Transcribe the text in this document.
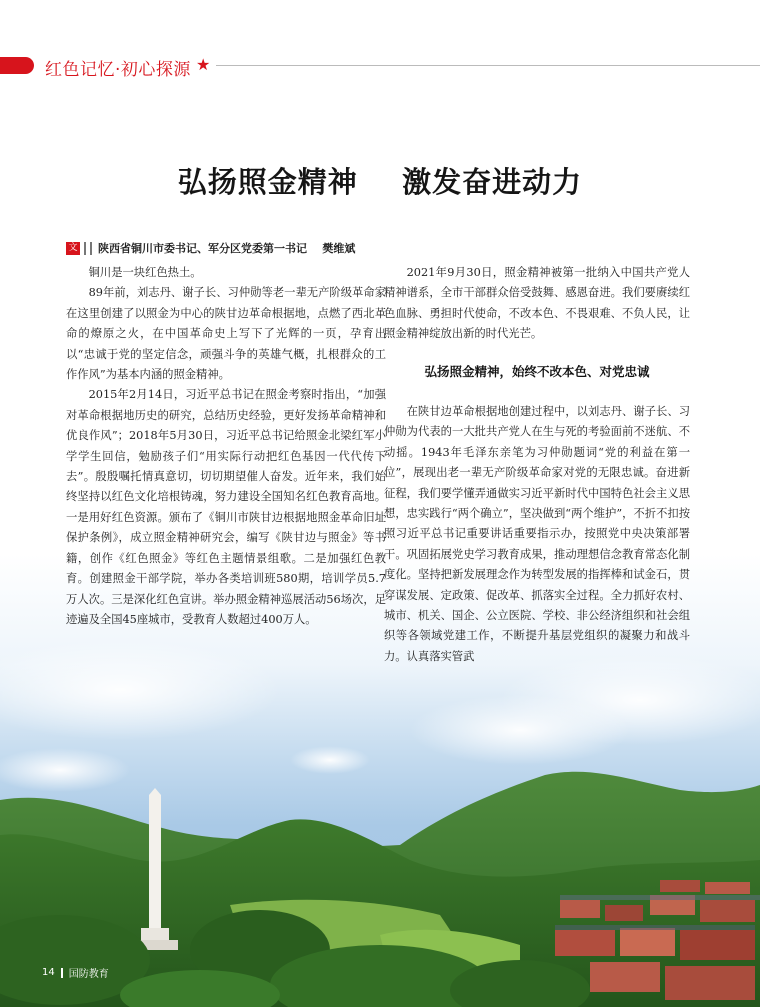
红色记忆·初心探源 ★
弘扬照金精神    激发奋进动力
文 陕西省铜川市委书记、军分区党委第一书记    樊维斌

铜川是一块红色热土。

89年前，刘志丹、谢子长、习仲勋等老一辈无产阶级革命家在这里创建了以照金为中心的陕甘边革命根据地，点燃了西北革命的燎原之火，在中国革命史上写下了光辉的一页，孕育出以“忠诚于党的坚定信念，顽强斗争的英雄气概，扎根群众的工作作风”为基本内涵的照金精神。

2015年2月14日，习近平总书记在照金考察时指出，“加强对革命根据地历史的研究，总结历史经验，更好发扬革命精神和优良作风”；2018年5月30日，习近平总书记给照金北梁红军小学学生回信，勉励孩子们“用实际行动把红色基因一代代传下去”。殷殷嘱托情真意切，切切期望催人奋发。近年来，我们始终坚持以红色文化培根铸魂，努力建设全国知名红色教育高地。一是用好红色资源。颁布了《铜川市陕甘边根据地照金革命旧址保护条例》，成立照金精神研究会，编写《陕甘边与照金》等书籍，创作《红色照金》等红色主题情景组歌。二是加强红色教育。创建照金干部学院，举办各类培训班580期，培训学员5.7万人次。三是深化红色宣讲。举办照金精神巡展活动56场次，足迹遍及全国45座城市，受教育人数超过400万人。

2021年9月30日，照金精神被第一批纳入中国共产党人精神谱系，全市干部群众倍受鼓舞、感恩奋进。我们要赓续红色血脉、勇担时代使命，不改本色、不畏艰难、不负人民，让照金精神绽放出新的时代光芒。

弘扬照金精神，始终不改本色、对党忠诚

在陕甘边革命根据地创建过程中，以刘志丹、谢子长、习仲勋为代表的一大批共产党人在生与死的考验面前不迷航、不动摇。1943年毛泽东亲笔为习仲勋题词“党的利益在第一位”，展现出老一辈无产阶级革命家对党的无限忠诚。奋进新征程，我们要学懂弄通做实习近平新时代中国特色社会主义思想，忠实践行“两个确立”，坚决做到“两个维护”，不折不扣按照习近平总书记重要讲话重要指示办，按照党中央决策部署干。巩固拓展党史学习教育成果，推动理想信念教育常态化制度化。坚持把新发展理念作为转型发展的指挥棒和试金石，贯穿谋发展、定政策、促改革、抓落实全过程。全力抓好农村、城市、机关、国企、公立医院、学校、非公经济组织和社会组织等各领域党建工作，不断提升基层党组织的凝聚力和战斗力。认真落实管武

14 国防教育
